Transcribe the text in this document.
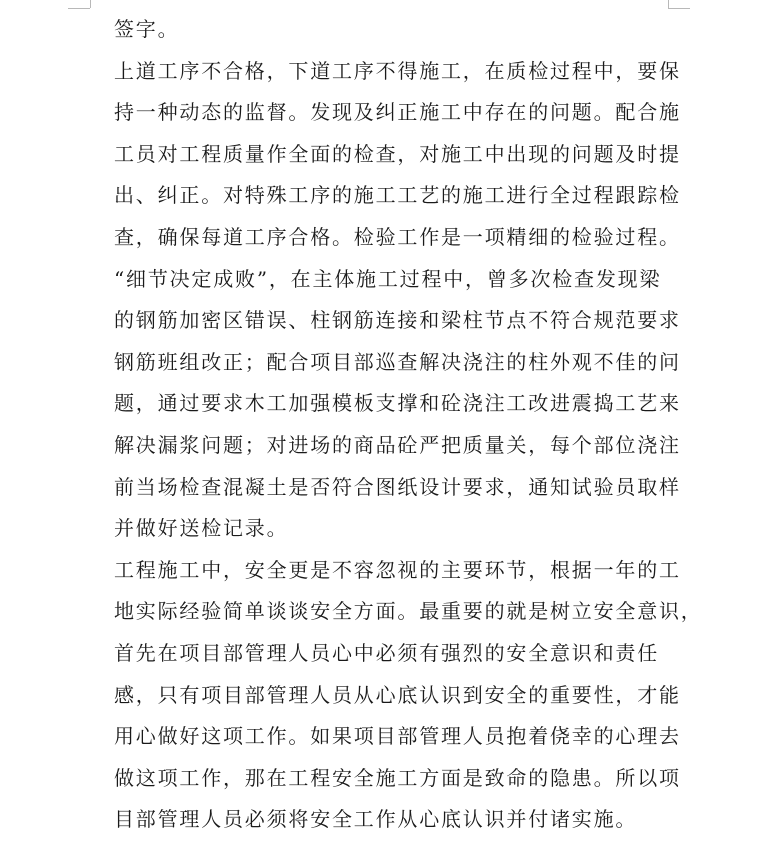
签字。
上道工序不合格，下道工序不得施工，在质检过程中，要保
持一种动态的监督。发现及纠正施工中存在的问题。配合施
工员对工程质量作全面的检查，对施工中出现的问题及时提
出、纠正。对特殊工序的施工工艺的施工进行全过程跟踪检
查，确保每道工序合格。检验工作是一项精细的检验过程。
“细节决定成败”，在主体施工过程中，曾多次检查发现梁
的钢筋加密区错误、柱钢筋连接和梁柱节点不符合规范要求
钢筋班组改正；配合项目部巡查解决浇注的柱外观不佳的问
题，通过要求木工加强模板支撑和砼浇注工改进震捣工艺来
解决漏浆问题；对进场的商品砼严把质量关，每个部位浇注
前当场检查混凝土是否符合图纸设计要求，通知试验员取样
并做好送检记录。
工程施工中，安全更是不容忽视的主要环节，根据一年的工
地实际经验简单谈谈安全方面。最重要的就是树立安全意识，
首先在项目部管理人员心中必须有强烈的安全意识和责任
感，只有项目部管理人员从心底认识到安全的重要性，才能
用心做好这项工作。如果项目部管理人员抱着侥幸的心理去
做这项工作，那在工程安全施工方面是致命的隐患。所以项
目部管理人员必须将安全工作从心底认识并付诸实施。
